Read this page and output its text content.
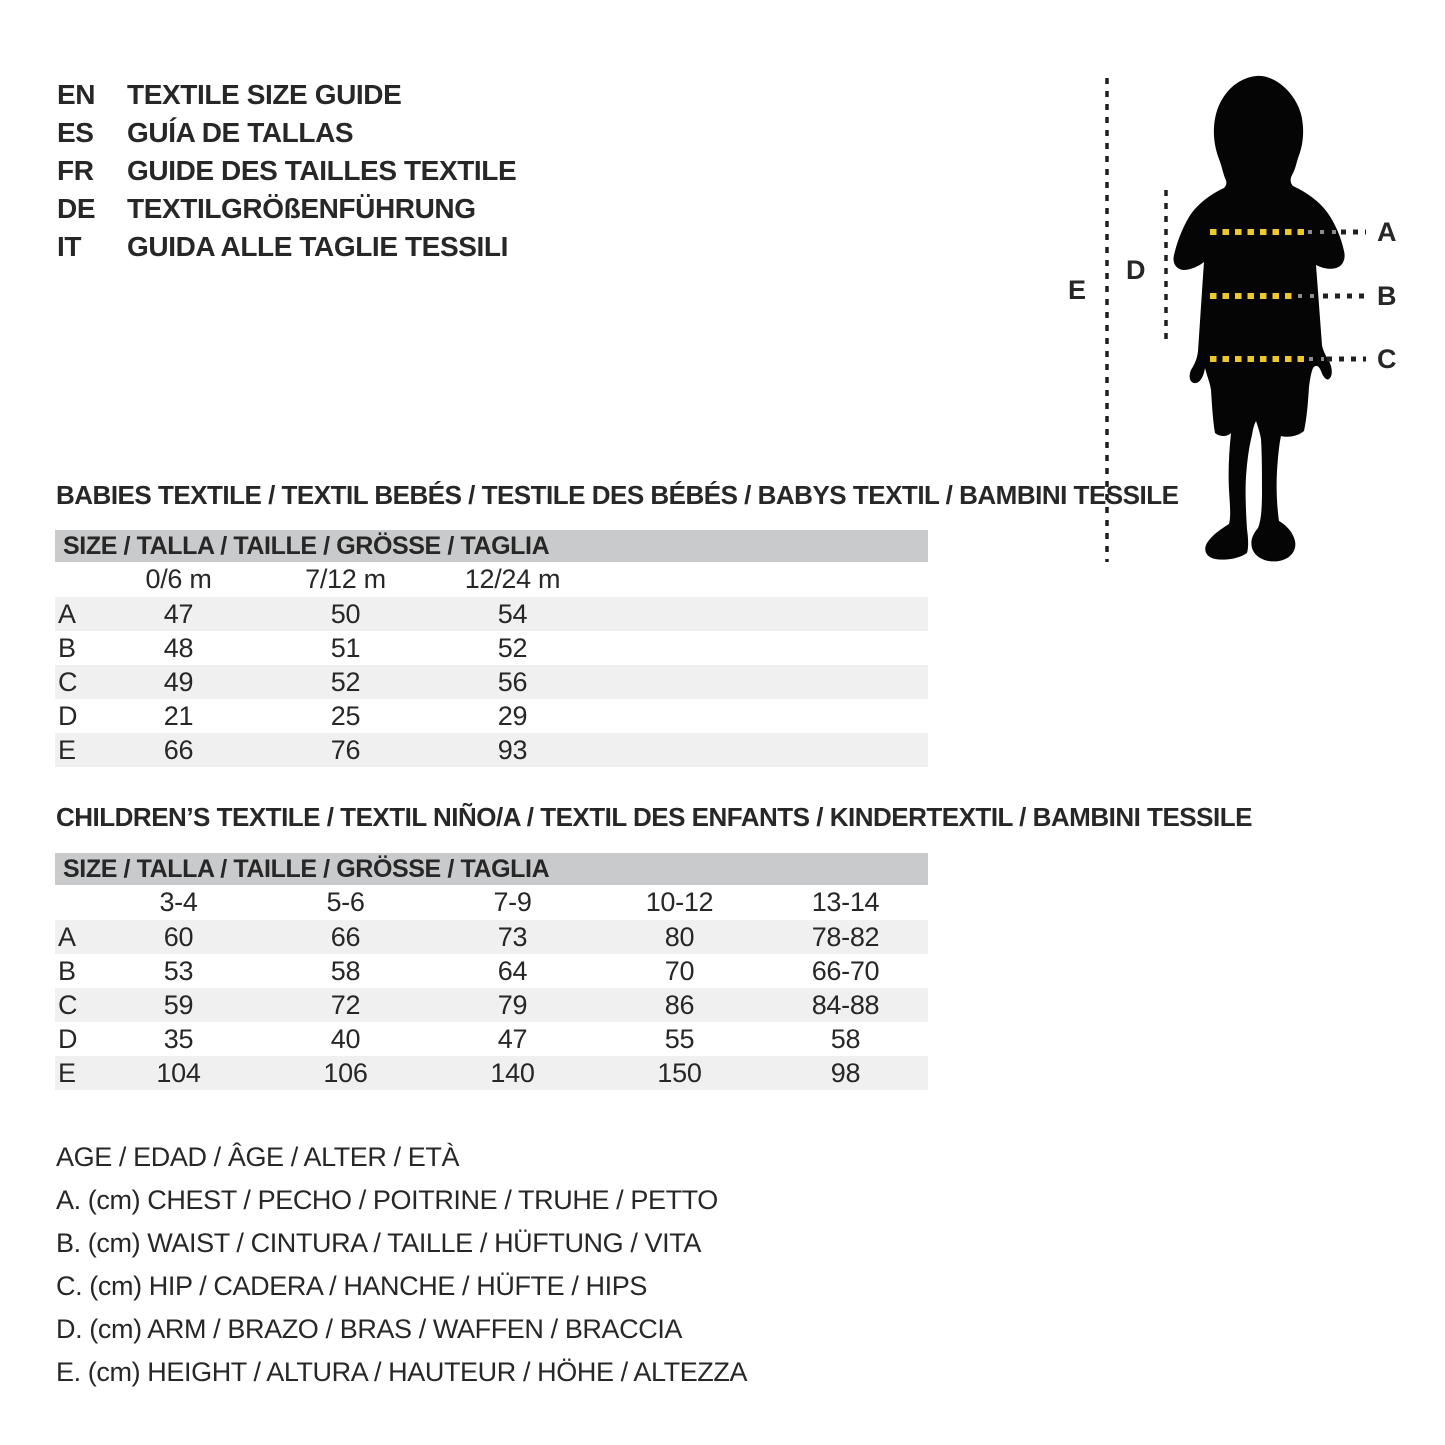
EN	TEXTILE SIZE GUIDE
ES	GUÍA DE TALLAS
FR	GUIDE DES TAILLES TEXTILE
DE	TEXTILGRÖßENFÜHRUNG
IT	GUIDA ALLE TAGLIE TESSILI	A
B
C
D
E
BABIES TEXTILE / TEXTIL BEBÉS / TESTILE DES BÉBÉS / BABYS TEXTIL / BAMBINI TESSILE
SIZE / TALLA / TAILLE / GRÖSSE / TAGLIA
	0/6 m	7/12 m	12/24 m		
A	47	50	54		
B	48	51	52		
C	49	52	56		
D	21	25	29		
E	66	76	93		
CHILDREN’S TEXTILE / TEXTIL NIÑO/A / TEXTIL DES ENFANTS / KINDERTEXTIL / BAMBINI TESSILE
SIZE / TALLA / TAILLE / GRÖSSE / TAGLIA
	3-4	5-6	7-9	10-12	13-14
A	60	66	73	80	78-82
B	53	58	64	70	66-70
C	59	72	79	86	84-88
D	35	40	47	55	58
E	104	106	140	150	98
AGE / EDAD / ÂGE / ALTER / ETÀ
A. (cm) CHEST / PECHO / POITRINE / TRUHE / PETTO
B. (cm) WAIST / CINTURA / TAILLE / HÜFTUNG / VITA
C. (cm) HIP / CADERA / HANCHE / HÜFTE / HIPS
D. (cm) ARM / BRAZO / BRAS / WAFFEN / BRACCIA
E. (cm) HEIGHT / ALTURA / HAUTEUR / HÖHE / ALTEZZA
